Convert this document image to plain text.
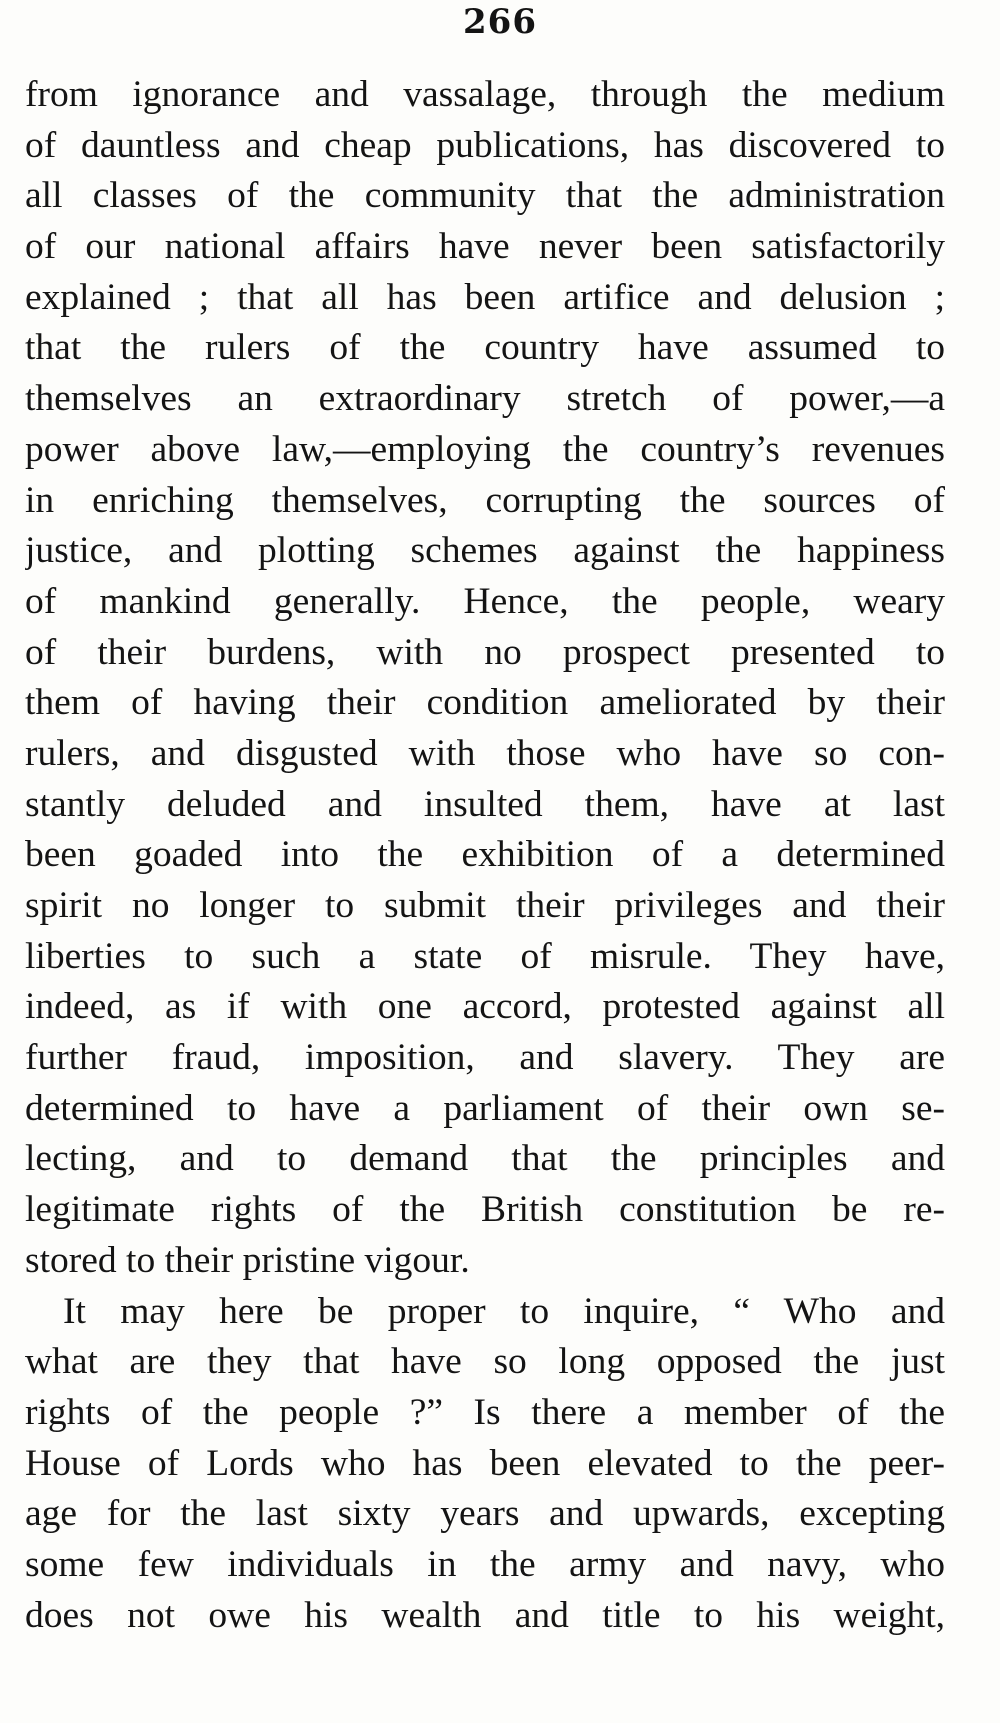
266
from ignorance and vassalage, through the medium
of dauntless and cheap publications, has discovered to
all classes of the community that the administration
of our national affairs have never been satisfactorily
explained ; that all has been artifice and delusion ;
that the rulers of the country have assumed to
themselves an extraordinary stretch of power,—a
power above law,—employing the country’s revenues
in enriching themselves, corrupting the sources of
justice, and plotting schemes against the happiness
of mankind generally. Hence, the people, weary
of their burdens, with no prospect presented to
them of having their condition ameliorated by their
rulers, and disgusted with those who have so con-
stantly deluded and insulted them, have at last
been goaded into the exhibition of a determined
spirit no longer to submit their privileges and their
liberties to such a state of misrule. They have,
indeed, as if with one accord, protested against all
further fraud, imposition, and slavery. They are
determined to have a parliament of their own se-
lecting, and to demand that the principles and
legitimate rights of the British constitution be re-
stored to their pristine vigour.
It may here be proper to inquire, “ Who and
what are they that have so long opposed the just
rights of the people ?” Is there a member of the
House of Lords who has been elevated to the peer-
age for the last sixty years and upwards, excepting
some few individuals in the army and navy, who
does not owe his wealth and title to his weight,
